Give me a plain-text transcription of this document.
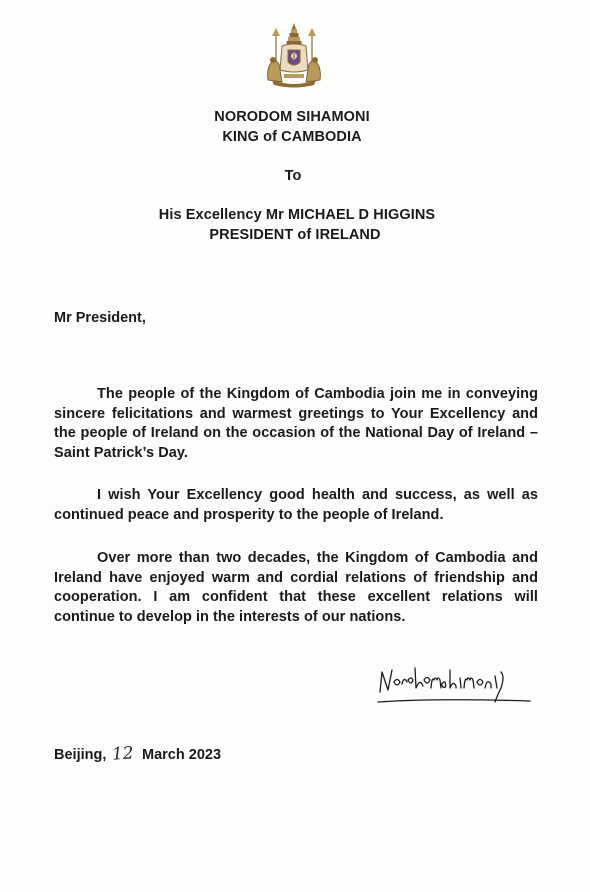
NORODOM SIHAMONI
KING of CAMBODIA
To
His Excellency Mr MICHAEL D HIGGINS
PRESIDENT of IRELAND
Mr President,
The people of the Kingdom of Cambodia join me in conveying sincere felicitations and warmest greetings to Your Excellency and the people of Ireland on the occasion of the National Day of Ireland – Saint Patrick’s Day.
I wish Your Excellency good health and success, as well as continued peace and prosperity to the people of Ireland.
Over more than two decades, the Kingdom of Cambodia and Ireland have enjoyed warm and cordial relations of friendship and cooperation. I am confident that these excellent relations will continue to develop in the interests of our nations.
Beijing, 12 March 2023
